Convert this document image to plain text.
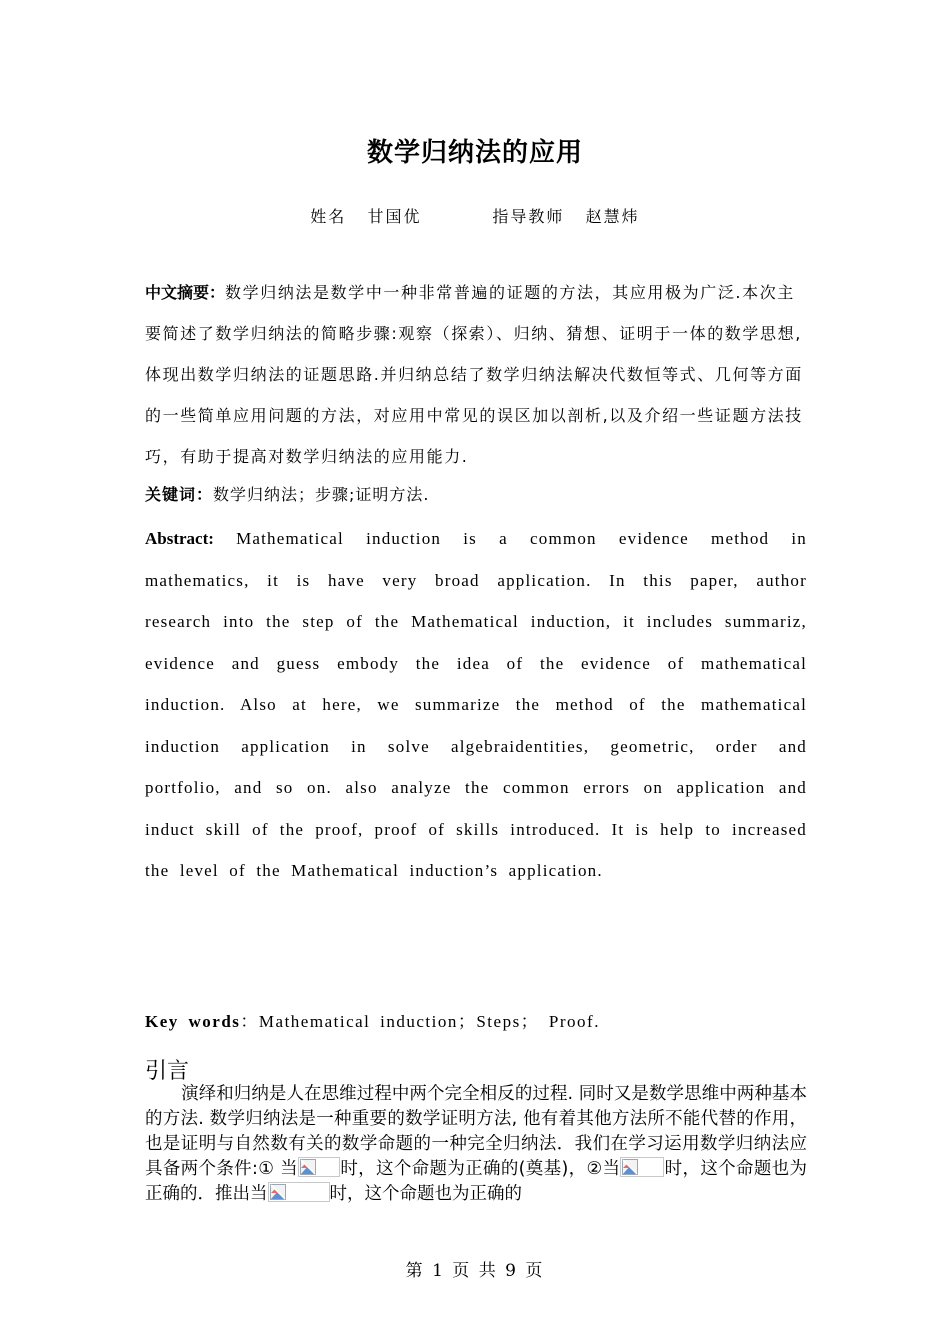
数学归纳法的应用
姓名   甘国优          指导教师   赵慧炜
中文摘要：数学归纳法是数学中一种非常普遍的证题的方法，其应用极为广泛.本次主要简述了数学归纳法的简略步骤:观察（探索）、归纳、猜想、证明于一体的数学思想,体现出数学归纳法的证题思路.并归纳总结了数学归纳法解决代数恒等式、几何等方面的一些简单应用问题的方法，对应用中常见的误区加以剖析,以及介绍一些证题方法技巧，有助于提高对数学归纳法的应用能力.
关键词：数学归纳法；步骤;证明方法.
Abstract: Mathematical induction is a common evidence method in mathematics, it is have very broad application. In this paper, author research into the step of the Mathematical induction, it includes summariz, evidence and guess embody the idea of the evidence of mathematical induction. Also at here, we summarize the method of the mathematical induction application in solve algebraidentities, geometric, order and portfolio, and so on. also analyze the common errors on application and induct skill of the proof, proof of skills introduced. It is help to increased the level of the Mathematical induction’s application.
Key words：Mathematical induction；Steps； Proof.
引言
演绎和归纳是人在思维过程中两个完全相反的过程. 同时又是数学思维中两种基本的方法. 数学归纳法是一种重要的数学证明方法, 他有着其他方法所不能代替的作用，也是证明与自然数有关的数学命题的一种完全归纳法．我们在学习运用数学归纳法应具备两个条件:① 当 时，这个命题为正确的(奠基)，②当	时，这个命题也为正确的．推出当	时，这个命题也为正确的
第 1 页 共 9 页
